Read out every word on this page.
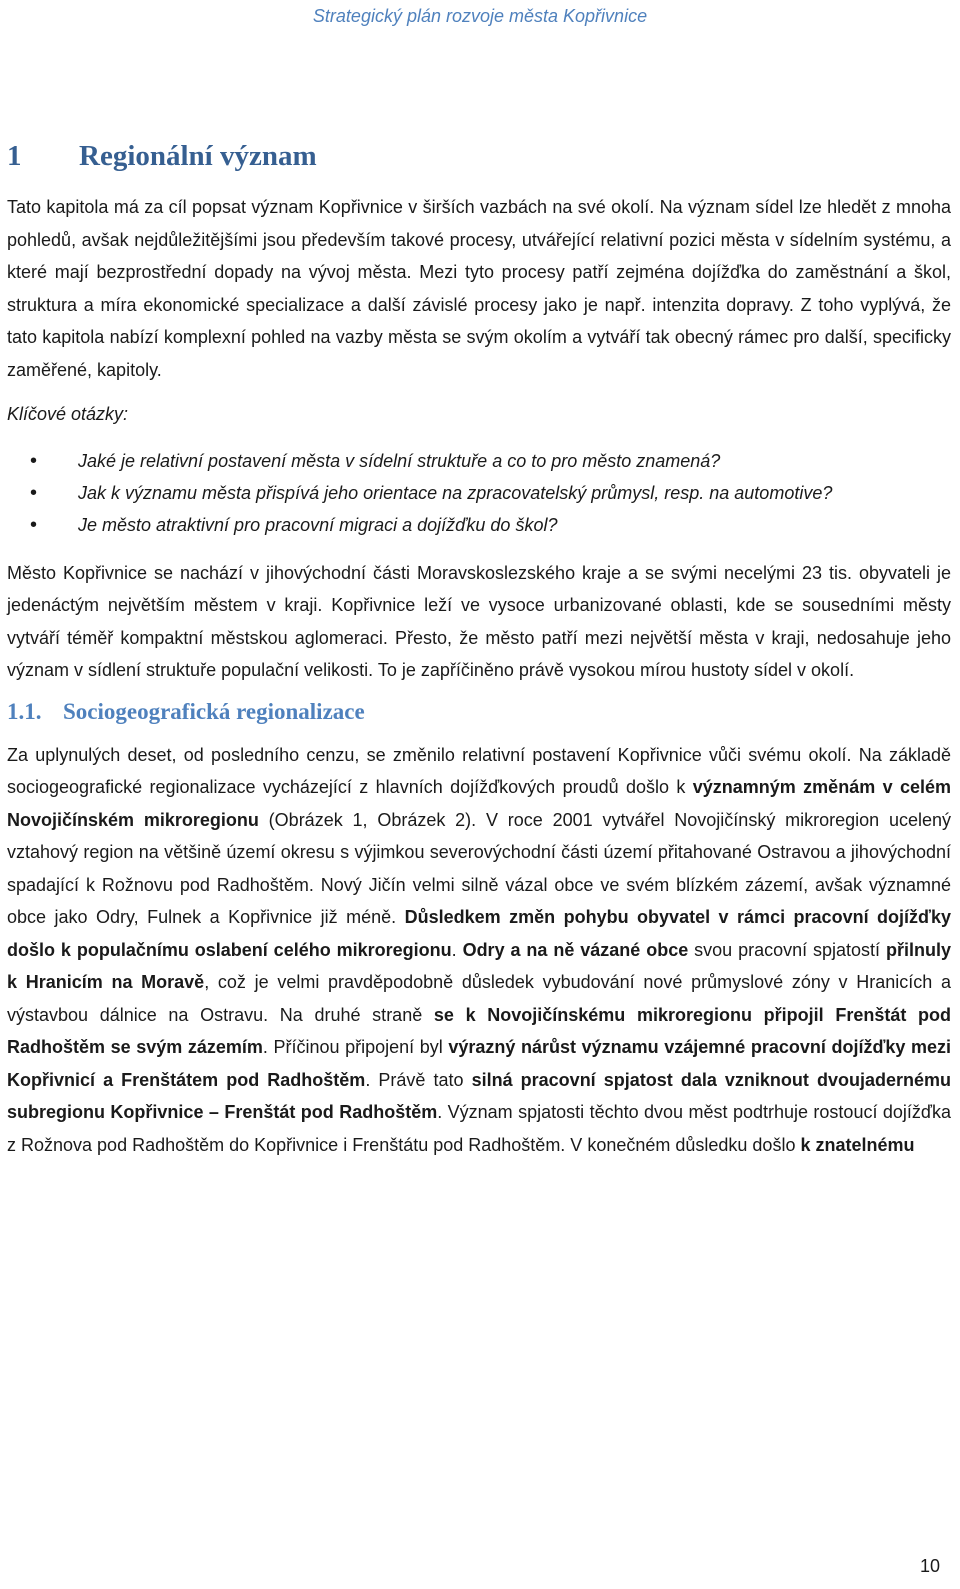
Strategický plán rozvoje města Kopřivnice
1	Regionální význam

Tato kapitola má za cíl popsat význam Kopřivnice v širších vazbách na své okolí. Na význam sídel lze hledět z mnoha pohledů, avšak nejdůležitějšími jsou především takové procesy, utvářející relativní pozici města v sídelním systému, a které mají bezprostřední dopady na vývoj města. Mezi tyto procesy patří zejména dojížďka do zaměstnání a škol, struktura a míra ekonomické specializace a další závislé procesy jako je např. intenzita dopravy. Z toho vyplývá, že tato kapitola nabízí komplexní pohled na vazby města se svým okolím a vytváří tak obecný rámec pro další, specificky zaměřené, kapitoly.

Klíčové otázky:

• Jaké je relativní postavení města v sídelní struktuře a co to pro město znamená?
• Jak k významu města přispívá jeho orientace na zpracovatelský průmysl, resp. na automotive?
• Je město atraktivní pro pracovní migraci a dojížďku do škol?

Město Kopřivnice se nachází v jihovýchodní části Moravskoslezského kraje a se svými necelými 23 tis. obyvateli je jedenáctým největším městem v kraji. Kopřivnice leží ve vysoce urbanizované oblasti, kde se sousedními městy vytváří téměř kompaktní městskou aglomeraci. Přesto, že město patří mezi největší města v kraji, nedosahuje jeho význam v sídlení struktuře populační velikosti. To je zapříčiněno právě vysokou mírou hustoty sídel v okolí.

1.1. Sociogeografická regionalizace

Za uplynulých deset, od posledního cenzu, se změnilo relativní postavení Kopřivnice vůči svému okolí. Na základě sociogeografické regionalizace vycházející z hlavních dojížďkových proudů došlo k významným změnám v celém Novojičínském mikroregionu (Obrázek 1, Obrázek 2). V roce 2001 vytvářel Novojičínský mikroregion ucelený vztahový region na většině území okresu s výjimkou severovýchodní části území přitahované Ostravou a jihovýchodní spadající k Rožnovu pod Radhoštěm. Nový Jičín velmi silně vázal obce ve svém blízkém zázemí, avšak významné obce jako Odry, Fulnek a Kopřivnice již méně. Důsledkem změn pohybu obyvatel v rámci pracovní dojížďky došlo k populačnímu oslabení celého mikroregionu. Odry a na ně vázané obce svou pracovní spjatostí přilnuly k Hranicím na Moravě, což je velmi pravděpodobně důsledek vybudování nové průmyslové zóny v Hranicích a výstavbou dálnice na Ostravu. Na druhé straně se k Novojičínskému mikroregionu připojil Frenštát pod Radhoštěm se svým zázemím. Příčinou připojení byl výrazný nárůst významu vzájemné pracovní dojížďky mezi Kopřivnicí a Frenštátem pod Radhoštěm. Právě tato silná pracovní spjatost dala vzniknout dvoujadernému subregionu Kopřivnice – Frenštát pod Radhoštěm. Význam spjatosti těchto dvou měst podtrhuje rostoucí dojížďka z Rožnova pod Radhoštěm do Kopřivnice i Frenštátu pod Radhoštěm. V konečném důsledku došlo k znatelnému

10
